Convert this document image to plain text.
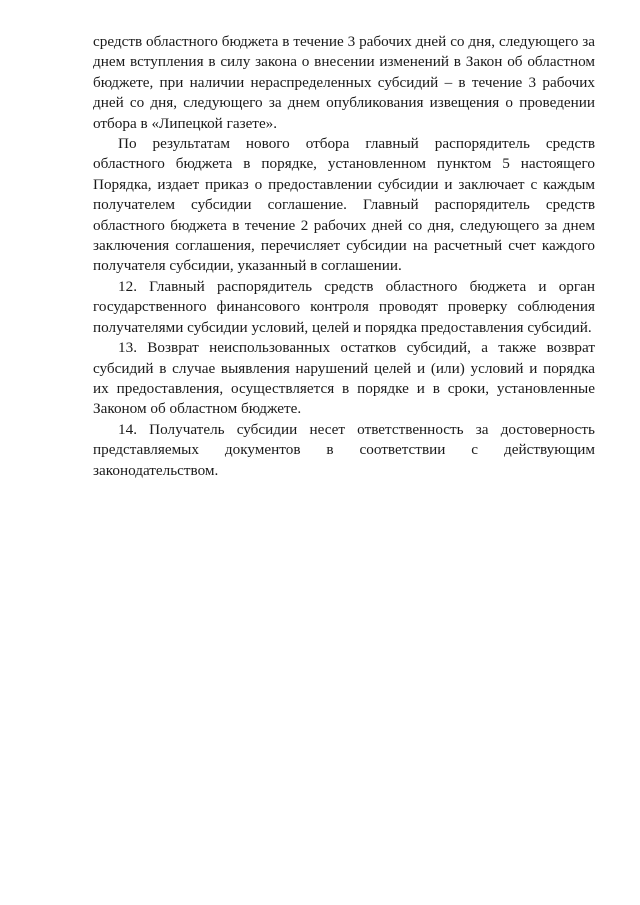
средств областного бюджета в течение 3 рабочих дней со дня, следующего за днем вступления в силу закона о внесении изменений в Закон об областном бюджете, при наличии нераспределенных субсидий – в течение 3 рабочих дней со дня, следующего за днем опубликования извещения о проведении отбора в «Липецкой газете».

По результатам нового отбора главный распорядитель средств областного бюджета в порядке, установленном пунктом 5 настоящего Порядка, издает приказ о предоставлении субсидии и заключает с каждым получателем субсидии соглашение. Главный распорядитель средств областного бюджета в течение 2 рабочих дней со дня, следующего за днем заключения соглашения, перечисляет субсидии на расчетный счет каждого получателя субсидии, указанный в соглашении.

12. Главный распорядитель средств областного бюджета и орган государственного финансового контроля проводят проверку соблюдения получателями субсидии условий, целей и порядка предоставления субсидий.

13. Возврат неиспользованных остатков субсидий, а также возврат субсидий в случае выявления нарушений целей и (или) условий и порядка их предоставления, осуществляется в порядке и в сроки, установленные Законом об областном бюджете.

14. Получатель субсидии несет ответственность за достоверность представляемых документов в соответствии с действующим законодательством.
